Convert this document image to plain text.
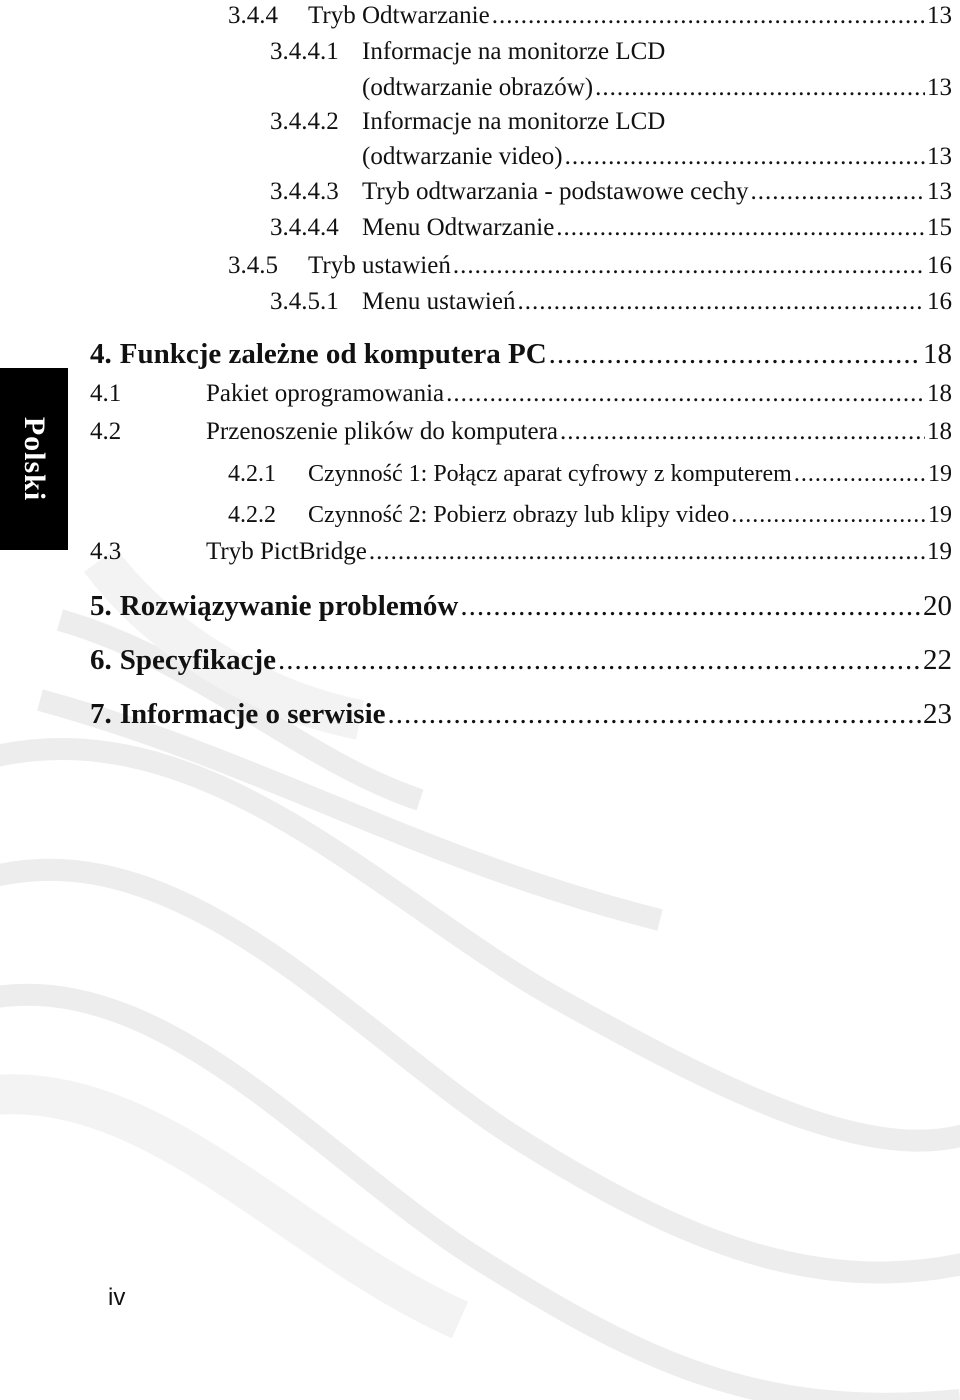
Polski
3.4.4	Tryb Odtwarzanie .....	13
3.4.4.1 Informacje na monitorze LCD
(odtwarzanie obrazów) .....	13
3.4.4.2 Informacje na monitorze LCD
(odtwarzanie video) .....	13
3.4.4.3 Tryb odtwarzania - podstawowe cechy .....	13
3.4.4.4 Menu Odtwarzanie .....	15
3.4.5	Tryb ustawień .....	16
3.4.5.1 Menu ustawień .....	16
4. Funkcje zależne od komputera PC .....	18
4.1	Pakiet oprogramowania .....	18
4.2	Przenoszenie plików do komputera .....	18
4.2.1	Czynność 1: Połącz aparat cyfrowy z komputerem .....	19
4.2.2	Czynność 2: Pobierz obrazy lub klipy video .....	19
4.3	Tryb PictBridge .....	19
5. Rozwiązywanie problemów .....	20
6. Specyfikacje .....	22
7. Informacje o serwisie .....	23
iv
